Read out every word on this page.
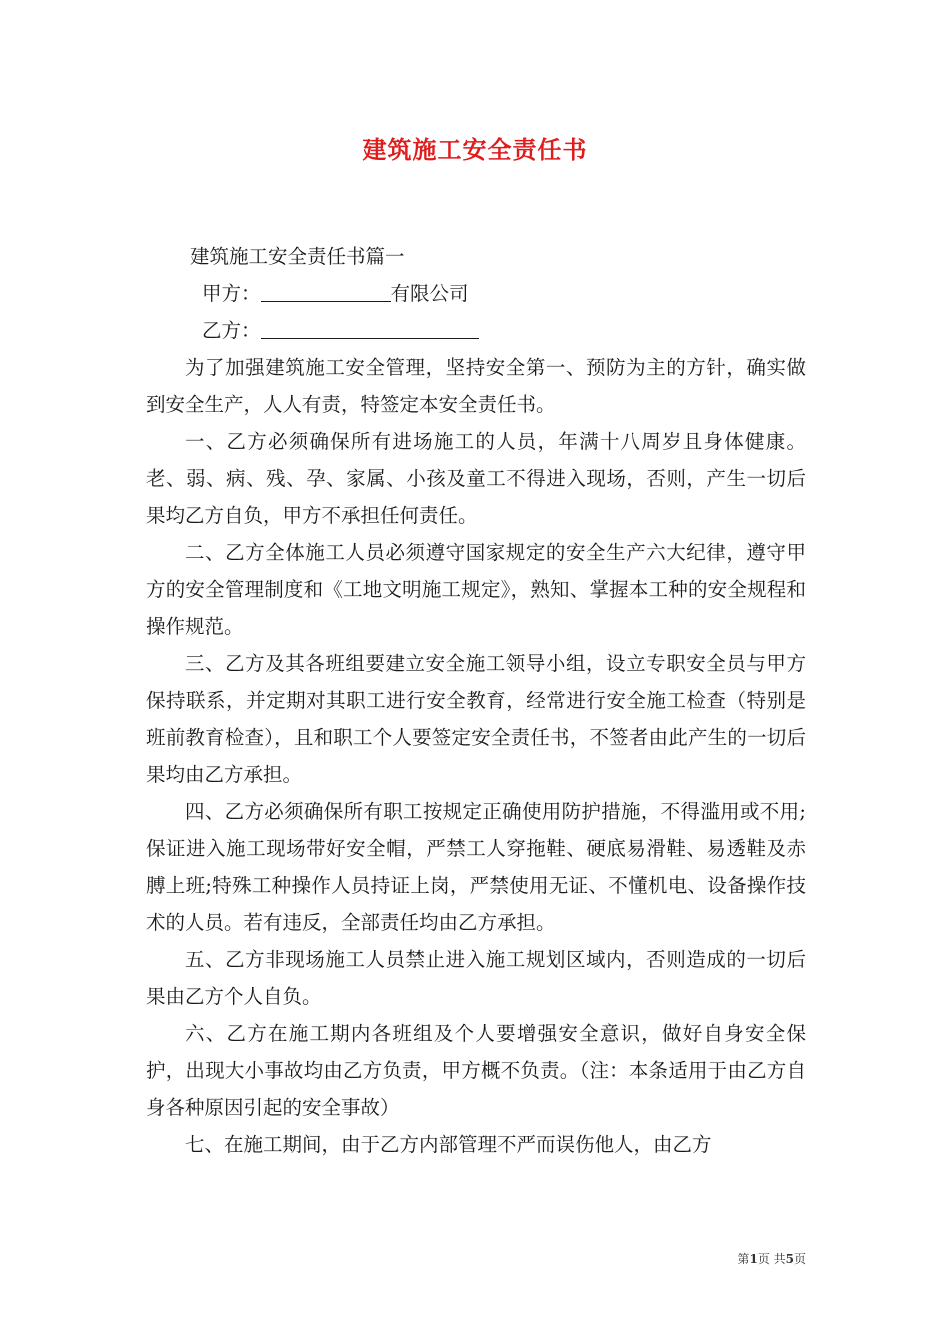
建筑施工安全责任书

建筑施工安全责任书篇一

甲方：	有限公司

乙方：

为了加强建筑施工安全管理，坚持安全第一、预防为主的方针，确实做到安全生产，人人有责，特签定本安全责任书。

一、乙方必须确保所有进场施工的人员，年满十八周岁且身体健康。老、弱、病、残、孕、家属、小孩及童工不得进入现场，否则，产生一切后果均乙方自负，甲方不承担任何责任。

二、乙方全体施工人员必须遵守国家规定的安全生产六大纪律，遵守甲方的安全管理制度和《工地文明施工规定》，熟知、掌握本工种的安全规程和操作规范。

三、乙方及其各班组要建立安全施工领导小组，设立专职安全员与甲方保持联系，并定期对其职工进行安全教育，经常进行安全施工检查（特别是班前教育检查），且和职工个人要签定安全责任书，不签者由此产生的一切后果均由乙方承担。

四、乙方必须确保所有职工按规定正确使用防护措施，不得滥用或不用;保证进入施工现场带好安全帽，严禁工人穿拖鞋、硬底易滑鞋、易透鞋及赤膊上班;特殊工种操作人员持证上岗，严禁使用无证、不懂机电、设备操作技术的人员。若有违反，全部责任均由乙方承担。

五、乙方非现场施工人员禁止进入施工规划区域内，否则造成的一切后果由乙方个人自负。

六、乙方在施工期内各班组及个人要增强安全意识，做好自身安全保护，出现大小事故均由乙方负责，甲方概不负责。（注：本条适用于由乙方自身各种原因引起的安全事故）

七、在施工期间，由于乙方内部管理不严而误伤他人，由乙方

第1页 共5页
